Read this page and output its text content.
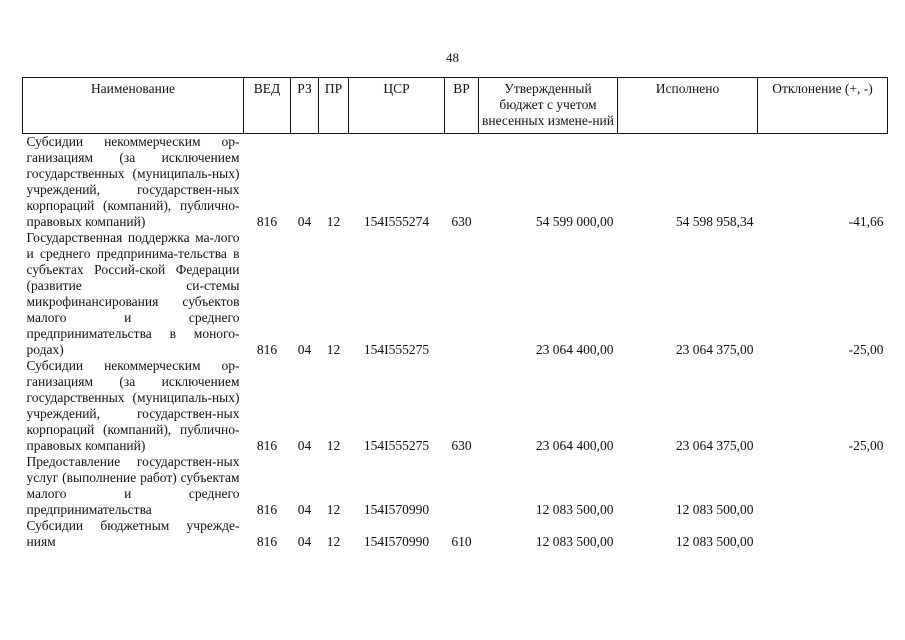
48
Наименование	ВЕД	РЗ	ПР	ЦСР	ВР	Утвержденный бюджет с учетом внесенных измене-ний	Исполнено	Отклонение (+, -)
Субсидии некоммерческим ор-ганизациям (за исключением государственных (муниципаль-ных) учреждений, государствен-ных корпораций (компаний), публично-правовых компаний)	816	04	12	154I555274	630	54 599 000,00	54 598 958,34	-41,66
Государственная поддержка ма-лого и среднего предпринима-тельства в субъектах Россий-ской Федерации (развитие си-стемы микрофинансирования субъектов малого и среднего предпринимательства в моного-родах)	816	04	12	154I555275		23 064 400,00	23 064 375,00	-25,00
Субсидии некоммерческим ор-ганизациям (за исключением государственных (муниципаль-ных) учреждений, государствен-ных корпораций (компаний), публично-правовых компаний)	816	04	12	154I555275	630	23 064 400,00	23 064 375,00	-25,00
Предоставление государствен-ных услуг (выполнение работ) субъектам малого и среднего предпринимательства	816	04	12	154I570990		12 083 500,00	12 083 500,00	
Субсидии бюджетным учрежде-ниям	816	04	12	154I570990	610	12 083 500,00	12 083 500,00	
